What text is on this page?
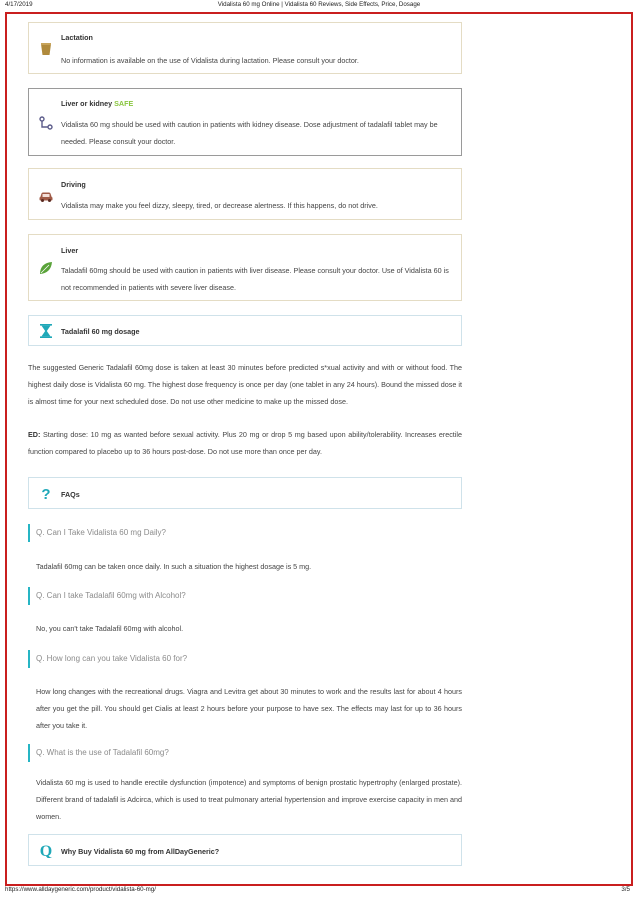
4/17/2019	Vidalista 60 mg Online | Vidalista 60 Reviews, Side Effects, Price, Dosage
Lactation
No information is available on the use of Vidalista during lactation. Please consult your doctor.
Liver or kidney SAFE
Vidalista 60 mg should be used with caution in patients with kidney disease. Dose adjustment of tadalafil tablet may be needed. Please consult your doctor.
Driving
Vidalista may make you feel dizzy, sleepy, tired, or decrease alertness. If this happens, do not drive.
Liver
Taladafil 60mg should be used with caution in patients with liver disease. Please consult your doctor. Use of Vidalista 60 is not recommended in patients with severe liver disease.
Tadalafil 60 mg dosage

The suggested Generic Tadalafil 60mg dose is taken at least 30 minutes before predicted s*xual activity and with or without food. The highest daily dose is Vidalista 60 mg. The highest dose frequency is once per day (one tablet in any 24 hours). Bound the missed dose it is almost time for your next scheduled dose. Do not use other medicine to make up the missed dose.

ED: Starting dose: 10 mg as wanted before sexual activity. Plus 20 mg or drop 5 mg based upon ability/tolerability. Increases erectile function compared to placebo up to 36 hours post-dose. Do not use more than once per day.

? FAQs
Q. Can I Take Vidalista 60 mg Daily?

Tadalafil 60mg can be taken once daily. In such a situation the highest dosage is 5 mg.

Q. Can I take Tadalafil 60mg with Alcohol?

No, you can't take Tadalafil 60mg with alcohol.

Q. How long can you take Vidalista 60 for?

How long changes with the recreational drugs. Viagra and Levitra get about 30 minutes to work and the results last for about 4 hours after you get the pill. You should get Cialis at least 2 hours before your purpose to have sex. The effects may last for up to 36 hours after you take it.

Q. What is the use of Tadalafil 60mg?

Vidalista 60 mg is used to handle erectile dysfunction (impotence) and symptoms of benign prostatic hypertrophy (enlarged prostate). Different brand of tadalafil is Adcirca, which is used to treat pulmonary arterial hypertension and improve exercise capacity in men and women.

Q Why Buy Vidalista 60 mg from AllDayGeneric?
https://www.alldaygeneric.com/product/vidalista-60-mg/	3/5
